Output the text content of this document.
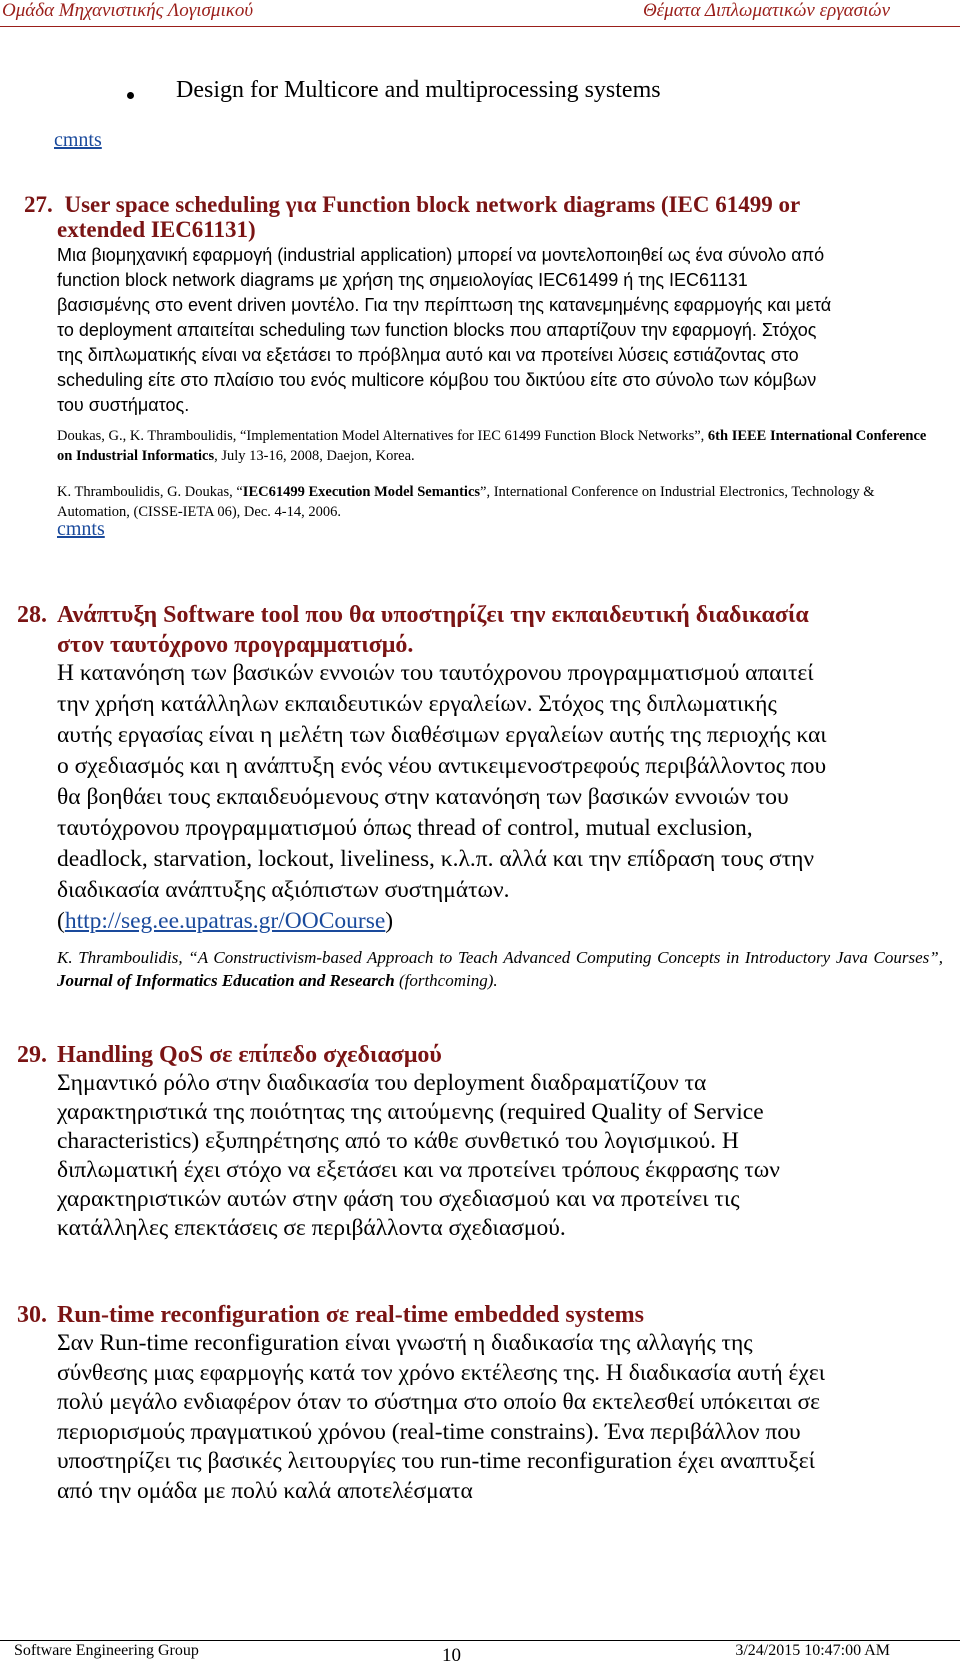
Ομάδα Μηχανιστικής Λογισμικού	Θέματα Διπλωματικών εργασιών
Design for Multicore and multiprocessing systems
cmnts
27. User space scheduling για Function block network diagrams (IEC 61499 or
extended IEC61131)
Μια βιομηχανική εφαρμογή (industrial application) μπορεί να μοντελοποιηθεί ως ένα σύνολο από
function block network diagrams με χρήση της σημειολογίας IEC61499 ή της IEC61131
βασισμένης στο event driven μοντέλο. Για την περίπτωση της κατανεμημένης εφαρμογής και μετά
το deployment απαιτείται scheduling των function blocks που απαρτίζουν την εφαρμογή. Στόχος
της διπλωματικής είναι να εξετάσει το πρόβλημα αυτό και να προτείνει λύσεις εστιάζοντας στο
scheduling είτε στο πλαίσιο του ενός multicore κόμβου του δικτύου είτε στο σύνολο των κόμβων
του συστήματος.
Doukas, G., K. Thramboulidis, “Implementation Model Alternatives for IEC 61499 Function Block Networks”, 6th IEEE International Conference on Industrial Informatics, July 13-16, 2008, Daejon, Korea.
K. Thramboulidis, G. Doukas, “IEC61499 Execution Model Semantics”, International Conference on Industrial Electronics, Technology & Automation, (CISSE-IETA 06), Dec. 4-14, 2006.
cmnts
28. Ανάπτυξη Software tool που θα υποστηρίζει την εκπαιδευτική διαδικασία
στον ταυτόχρονο προγραμματισμό.
Η κατανόηση των βασικών εννοιών του ταυτόχρονου προγραμματισμού απαιτεί
την χρήση κατάλληλων εκπαιδευτικών εργαλείων. Στόχος της διπλωματικής
αυτής εργασίας είναι η μελέτη των διαθέσιμων εργαλείων αυτής της περιοχής και
ο σχεδιασμός και η ανάπτυξη ενός νέου αντικειμενοστρεφούς περιβάλλοντος που
θα βοηθάει τους εκπαιδευόμενους στην κατανόηση των βασικών εννοιών του
ταυτόχρονου προγραμματισμού όπως thread of control, mutual exclusion,
deadlock, starvation, lockout, liveliness, κ.λ.π. αλλά και την επίδραση τους στην
διαδικασία ανάπτυξης αξιόπιστων συστημάτων.
(http://seg.ee.upatras.gr/OOCourse)
K. Thramboulidis, “A Constructivism-based Approach to Teach Advanced Computing Concepts in Introductory Java Courses”, Journal of Informatics Education and Research (forthcoming).
29. Handling QoS σε επίπεδο σχεδιασμού
Σημαντικό ρόλο στην διαδικασία του deployment διαδραματίζουν τα
χαρακτηριστικά της ποιότητας της αιτούμενης (required Quality of Service
characteristics) εξυπηρέτησης από το κάθε συνθετικό του λογισμικού. Η
διπλωματική έχει στόχο να εξετάσει και να προτείνει τρόπους έκφρασης των
χαρακτηριστικών αυτών στην φάση του σχεδιασμού και να προτείνει τις
κατάλληλες επεκτάσεις σε περιβάλλοντα σχεδιασμού.
30. Run-time reconfiguration σε real-time embedded systems
Σαν Run-time reconfiguration είναι γνωστή η διαδικασία της αλλαγής της
σύνθεσης μιας εφαρμογής κατά τον χρόνο εκτέλεσης της. Η διαδικασία αυτή έχει
πολύ μεγάλο ενδιαφέρον όταν το σύστημα στο οποίο θα εκτελεσθεί υπόκειται σε
περιορισμούς πραγματικού χρόνου (real-time constrains). Ένα περιβάλλον που
υποστηρίζει τις βασικές λειτουργίες του run-time reconfiguration έχει αναπτυξεί
από την ομάδα με πολύ καλά αποτελέσματα
Software Engineering Group	10	3/24/2015 10:47:00 AM
